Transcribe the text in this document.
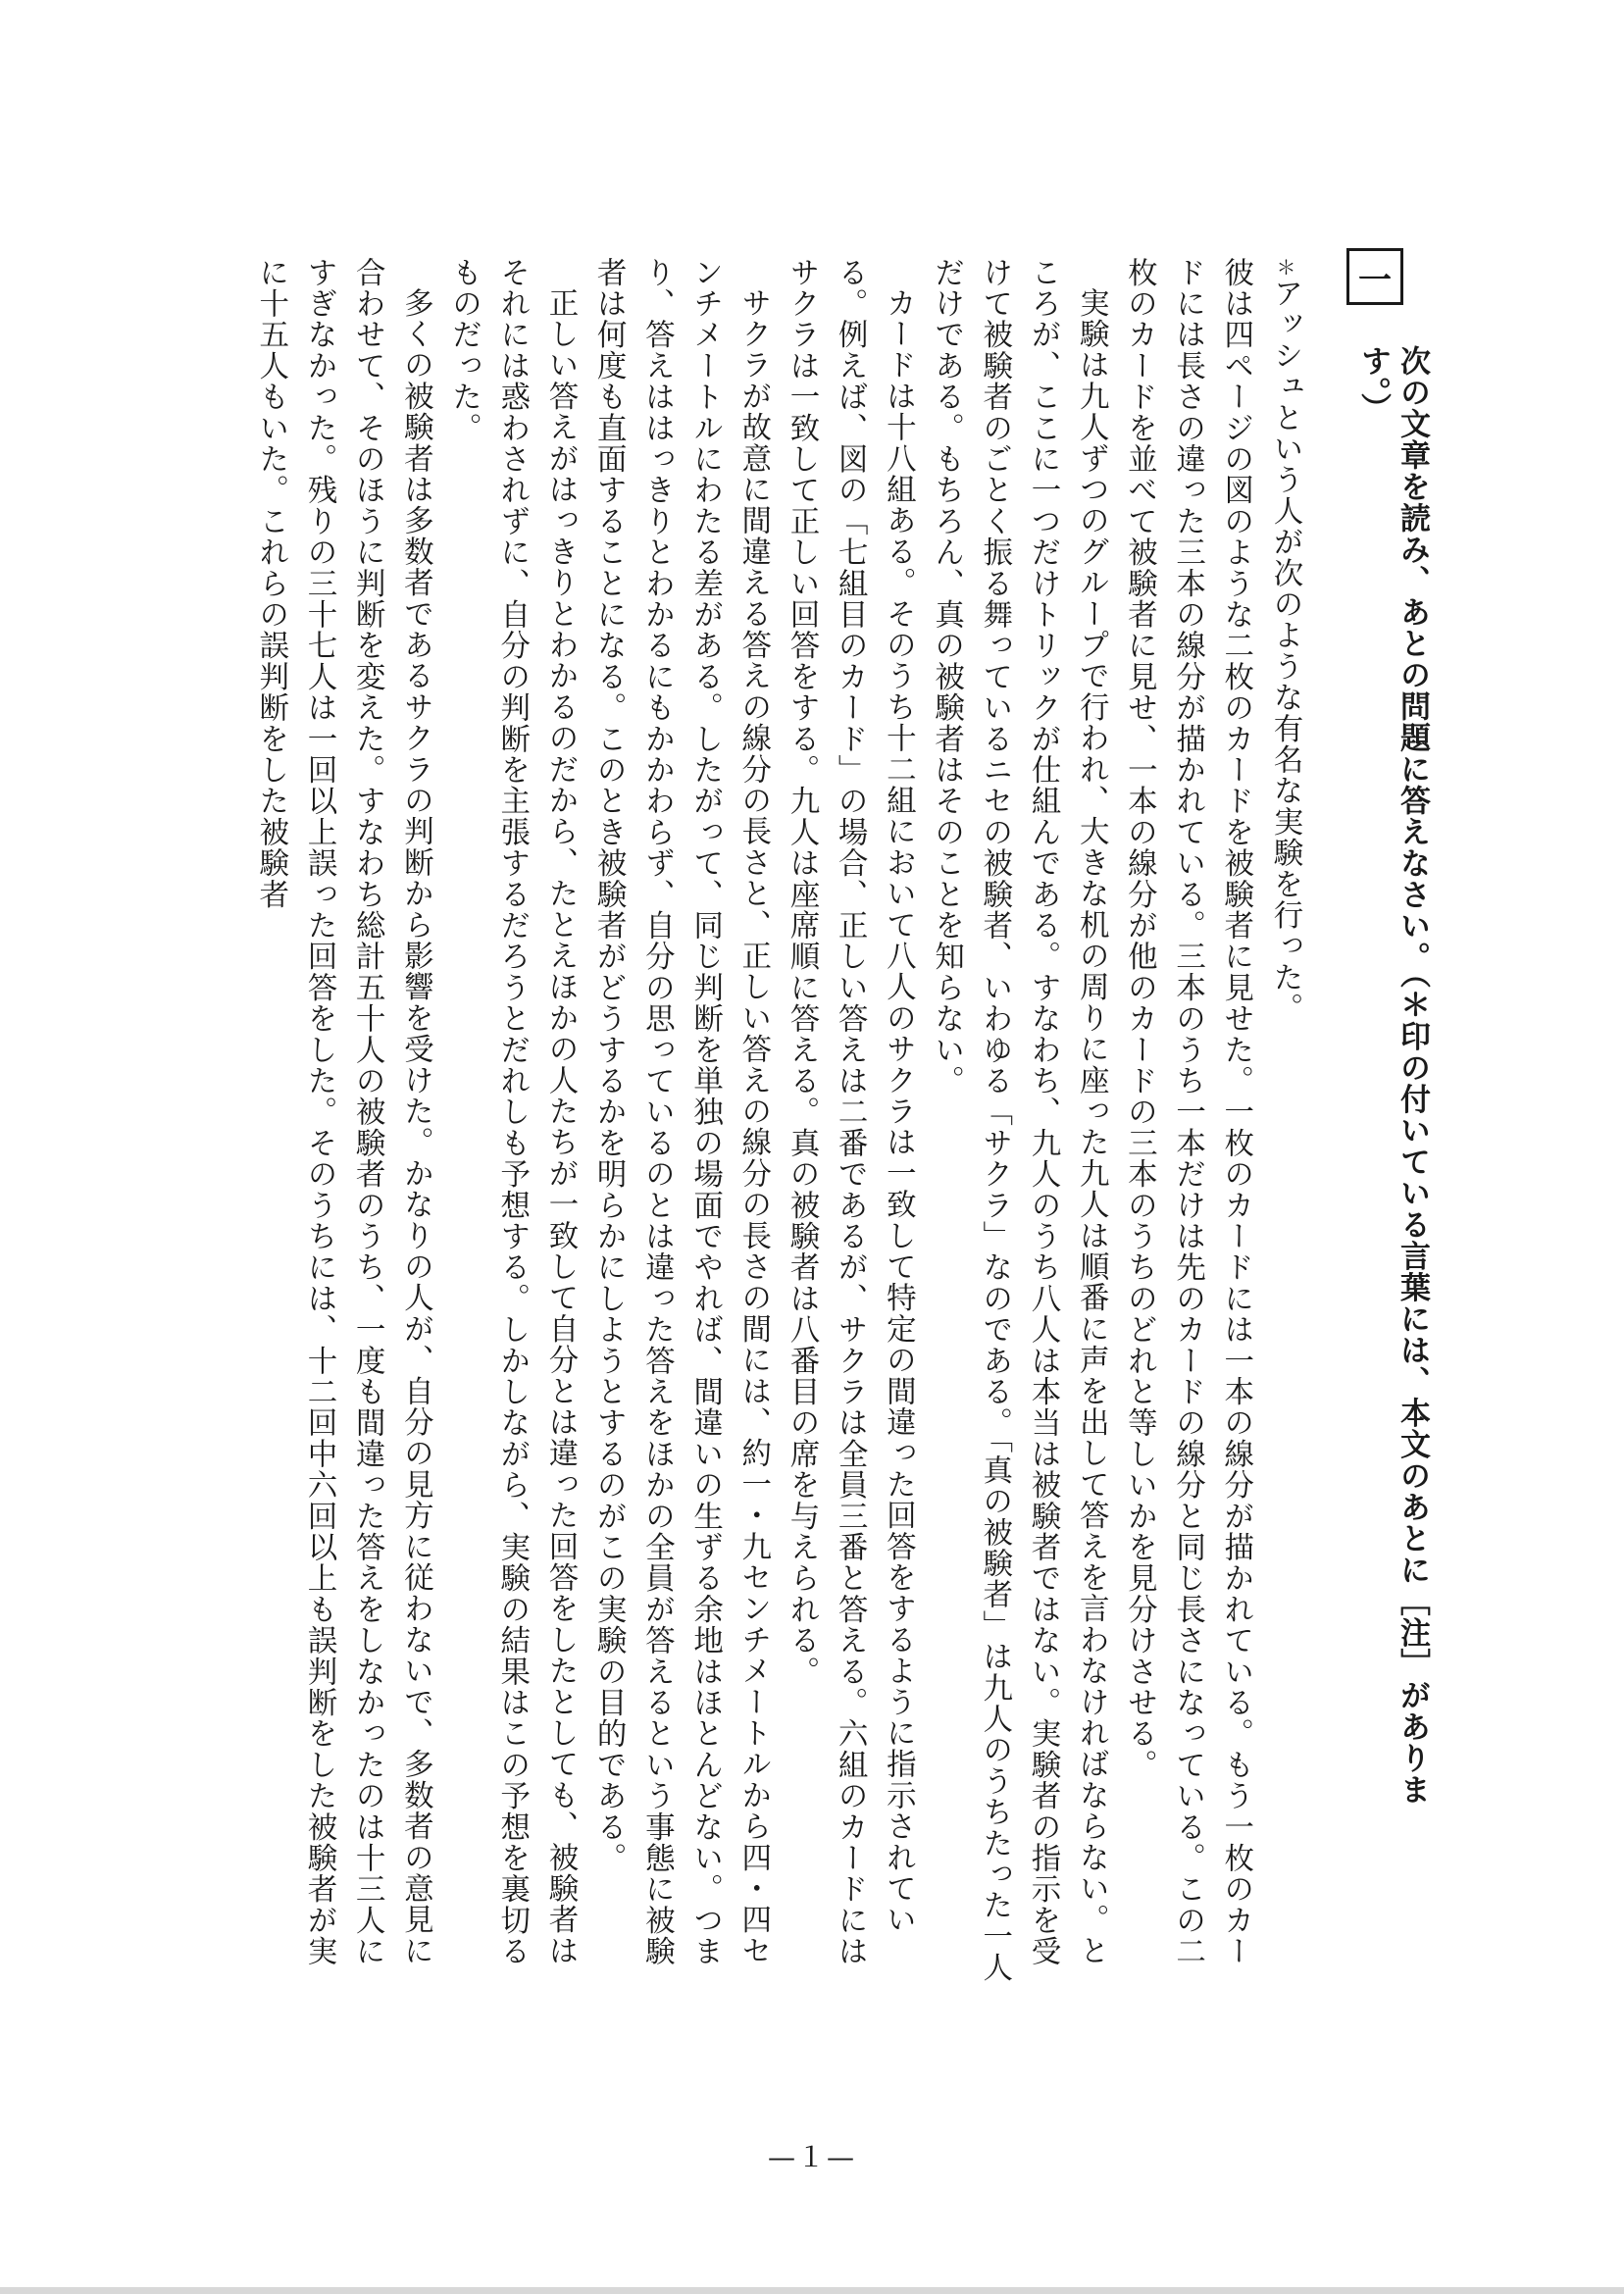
一
次の文章を読み、あとの問題に答えなさい。（＊印の付いている言葉には、本文のあとに［注］があります。）

＊アッシュという人が次のような有名な実験を行った。

彼は四ページの図のような二枚のカードを被験者に見せた。一枚のカードには一本の線分が描かれている。もう一枚のカードには長さの違った三本の線分が描かれている。三本のうち一本だけは先のカードの線分と同じ長さになっている。この二枚のカードを並べて被験者に見せ、一本の線分が他のカードの三本のうちのどれと等しいかを見分けさせる。

実験は九人ずつのグループで行われ、大きな机の周りに座った九人は順番に声を出して答えを言わなければならない。ところが、ここに一つだけトリックが仕組んである。すなわち、九人のうち八人は本当は被験者ではない。実験者の指示を受けて被験者のごとく振る舞っているニセの被験者、いわゆる「サクラ」なのである。「真の被験者」は九人のうちたった一人だけである。もちろん、真の被験者はそのことを知らない。

カードは十八組ある。そのうち十二組において八人のサクラは一致して特定の間違った回答をするように指示されている。例えば、図の「七組目のカード」の場合、正しい答えは二番であるが、サクラは全員三番と答える。六組のカードにはサクラは一致して正しい回答をする。九人は座席順に答える。真の被験者は八番目の席を与えられる。

サクラが故意に間違える答えの線分の長さと、正しい答えの線分の長さの間には、約一・九センチメートルから四・四センチメートルにわたる差がある。したがって、同じ判断を単独の場面でやれば、間違いの生ずる余地はほとんどない。つまり、答えははっきりとわかるにもかかわらず、自分の思っているのとは違った答えをほかの全員が答えるという事態に被験者は何度も直面することになる。このとき被験者がどうするかを明らかにしようとするのがこの実験の目的である。

正しい答えがはっきりとわかるのだから、たとえほかの人たちが一致して自分とは違った回答をしたとしても、被験者はそれには惑わされずに、自分の判断を主張するだろうとだれしも予想する。しかしながら、実験の結果はこの予想を裏切るものだった。

多くの被験者は多数者であるサクラの判断から影響を受けた。かなりの人が、自分の見方に従わないで、多数者の意見に合わせて、そのほうに判断を変えた。すなわち総計五十人の被験者のうち、一度も間違った答えをしなかったのは十三人にすぎなかった。残りの三十七人は一回以上誤った回答をした。そのうちには、十二回中六回以上も誤判断をした被験者が実に十五人もいた。これらの誤判断をした被験者

—１—
